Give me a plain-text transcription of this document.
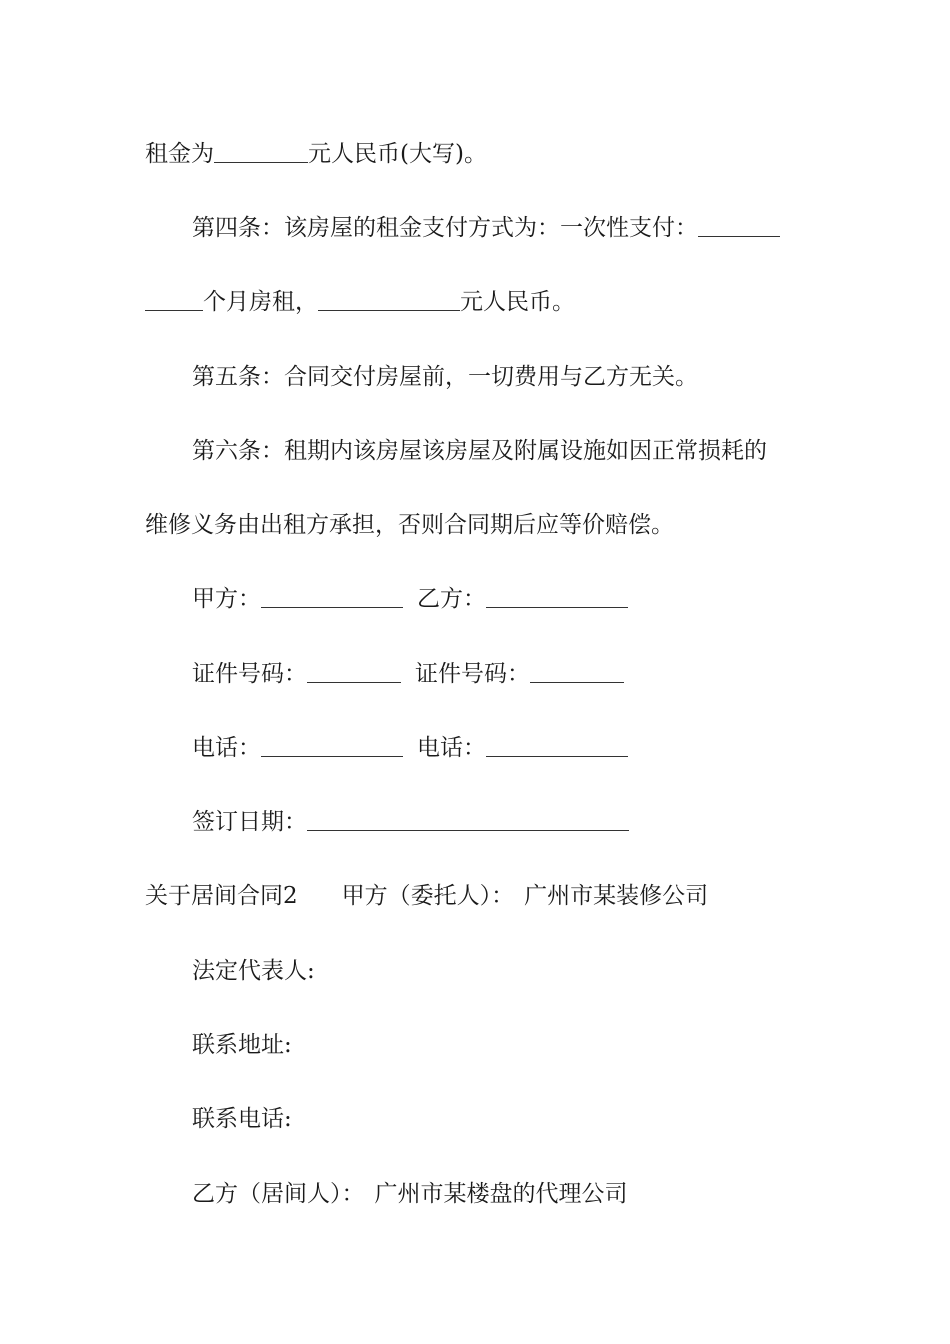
租金为	元人民币(大写)。
第四条：该房屋的租金支付方式为：一次性支付：
个月房租，	元人民币。
第五条：合同交付房屋前，一切费用与乙方无关。
第六条：租期内该房屋该房屋及附属设施如因正常损耗的
维修义务由出租方承担，否则合同期后应等价赔偿。
甲方：	乙方：
证件号码：	证件号码：
电话：	电话：
签订日期：
关于居间合同2 甲方（委托人）： 广州市某装修公司
法定代表人:
联系地址:
联系电话:
乙方（居间人）： 广州市某楼盘的代理公司
